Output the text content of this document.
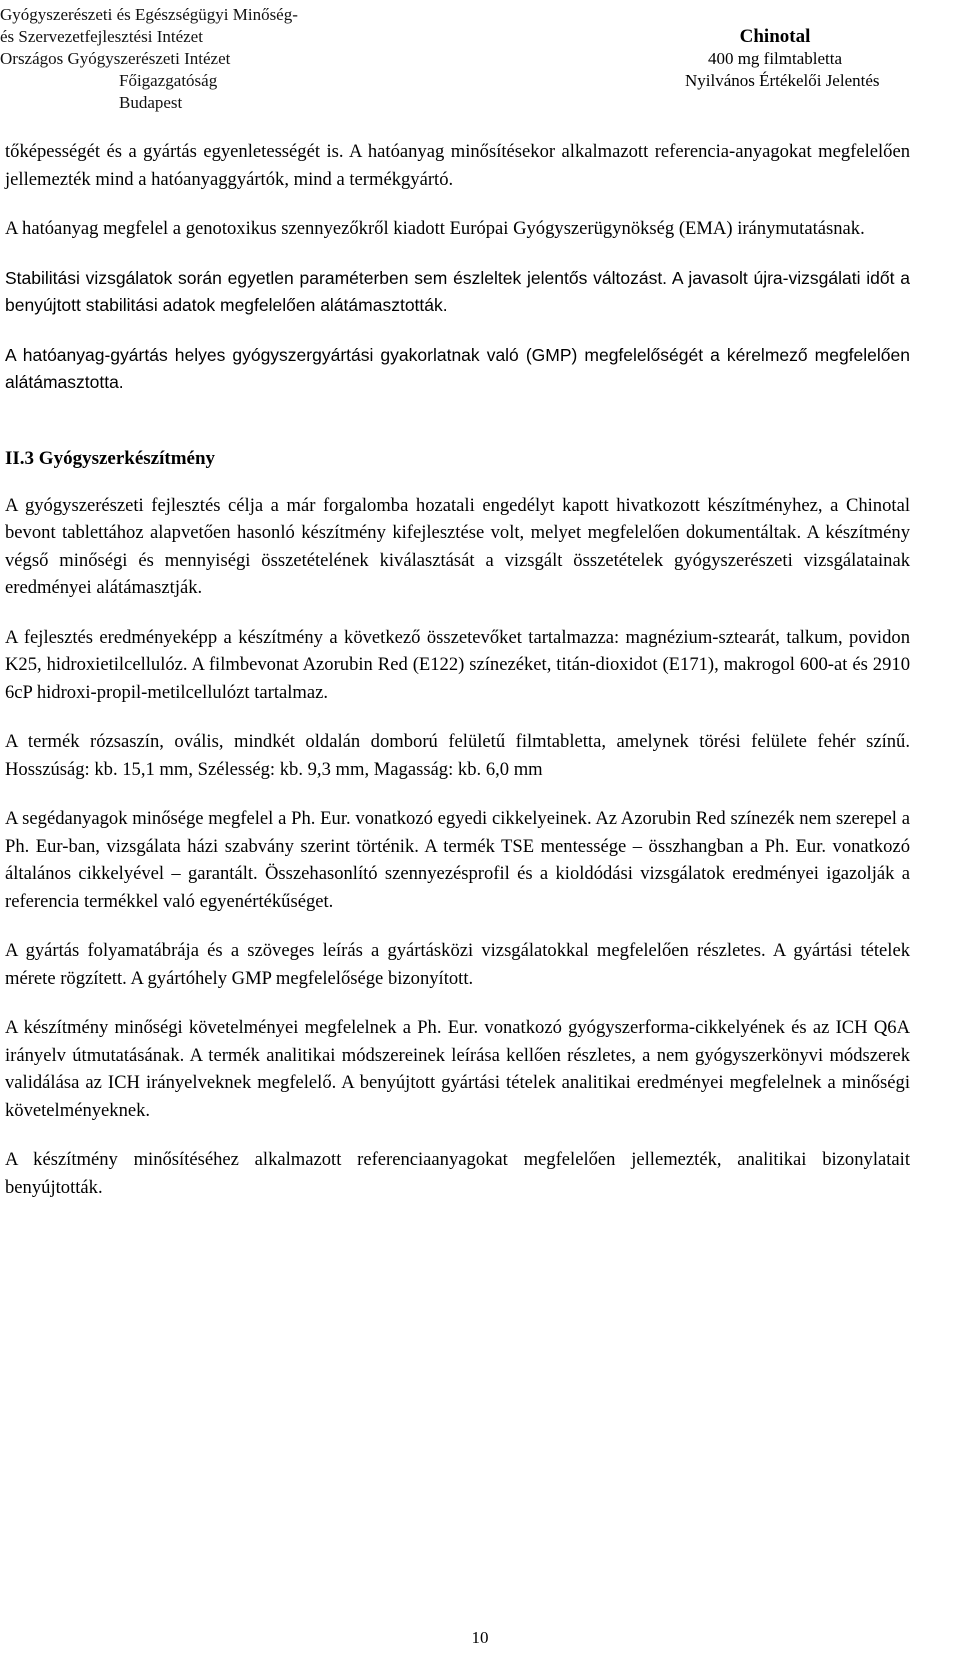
Gyógyszerészeti és Egészségügyi Minőség-
és Szervezetfejlesztési Intézet
Országos Gyógyszerészeti Intézet
Főigazgatóság
Budapest
Chinotal
400 mg filmtabletta
Nyilvános Értékelői Jelentés

tőképességét és a gyártás egyenletességét is. A hatóanyag minősítésekor alkalmazott referencia-anyagokat megfelelően jellemezték mind a hatóanyaggyártók, mind a termékgyártó.

A hatóanyag megfelel a genotoxikus szennyezőkről kiadott Európai Gyógyszerügynökség (EMA) iránymutatásnak.

Stabilitási vizsgálatok során egyetlen paraméterben sem észleltek jelentős változást. A javasolt újra-vizsgálati időt a benyújtott stabilitási adatok megfelelően alátámasztották.

A hatóanyag-gyártás helyes gyógyszergyártási gyakorlatnak való (GMP) megfelelőségét a kérelmező megfelelően alátámasztotta.

II.3 Gyógyszerkészítmény

A gyógyszerészeti fejlesztés célja a már forgalomba hozatali engedélyt kapott hivatkozott készítményhez, a Chinotal bevont tablettához alapvetően hasonló készítmény kifejlesztése volt, melyet megfelelően dokumentáltak. A készítmény végső minőségi és mennyiségi összetételének kiválasztását a vizsgált összetételek gyógyszerészeti vizsgálatainak eredményei alátámasztják.

A fejlesztés eredményeképp a készítmény a következő összetevőket tartalmazza: magnézium-sztearát, talkum, povidon K25, hidroxietilcellulóz. A filmbevonat Azorubin Red (E122) színezéket, titán-dioxidot (E171), makrogol 600-at és 2910 6cP hidroxi-propil-metilcellulózt tartalmaz.

A termék rózsaszín, ovális, mindkét oldalán domború felületű filmtabletta, amelynek törési felülete fehér színű. Hosszúság: kb. 15,1 mm, Szélesség: kb. 9,3 mm, Magasság: kb. 6,0 mm

A segédanyagok minősége megfelel a Ph. Eur. vonatkozó egyedi cikkelyeinek. Az Azorubin Red színezék nem szerepel a Ph. Eur-ban, vizsgálata házi szabvány szerint történik. A termék TSE mentessége – összhangban a Ph. Eur. vonatkozó általános cikkelyével – garantált. Összehasonlító szennyezésprofil és a kioldódási vizsgálatok eredményei igazolják a referencia termékkel való egyenértékűséget.

A gyártás folyamatábrája és a szöveges leírás a gyártásközi vizsgálatokkal megfelelően részletes. A gyártási tételek mérete rögzített. A gyártóhely GMP megfelelősége bizonyított.

A készítmény minőségi követelményei megfelelnek a Ph. Eur. vonatkozó gyógyszerforma-cikkelyének és az ICH Q6A irányelv útmutatásának. A termék analitikai módszereinek leírása kellően részletes, a nem gyógyszerkönyvi módszerek validálása az ICH irányelveknek megfelelő. A benyújtott gyártási tételek analitikai eredményei megfelelnek a minőségi követelményeknek.

A készítmény minősítéséhez alkalmazott referenciaanyagokat megfelelően jellemezték, analitikai bizonylatait benyújtották.

10
